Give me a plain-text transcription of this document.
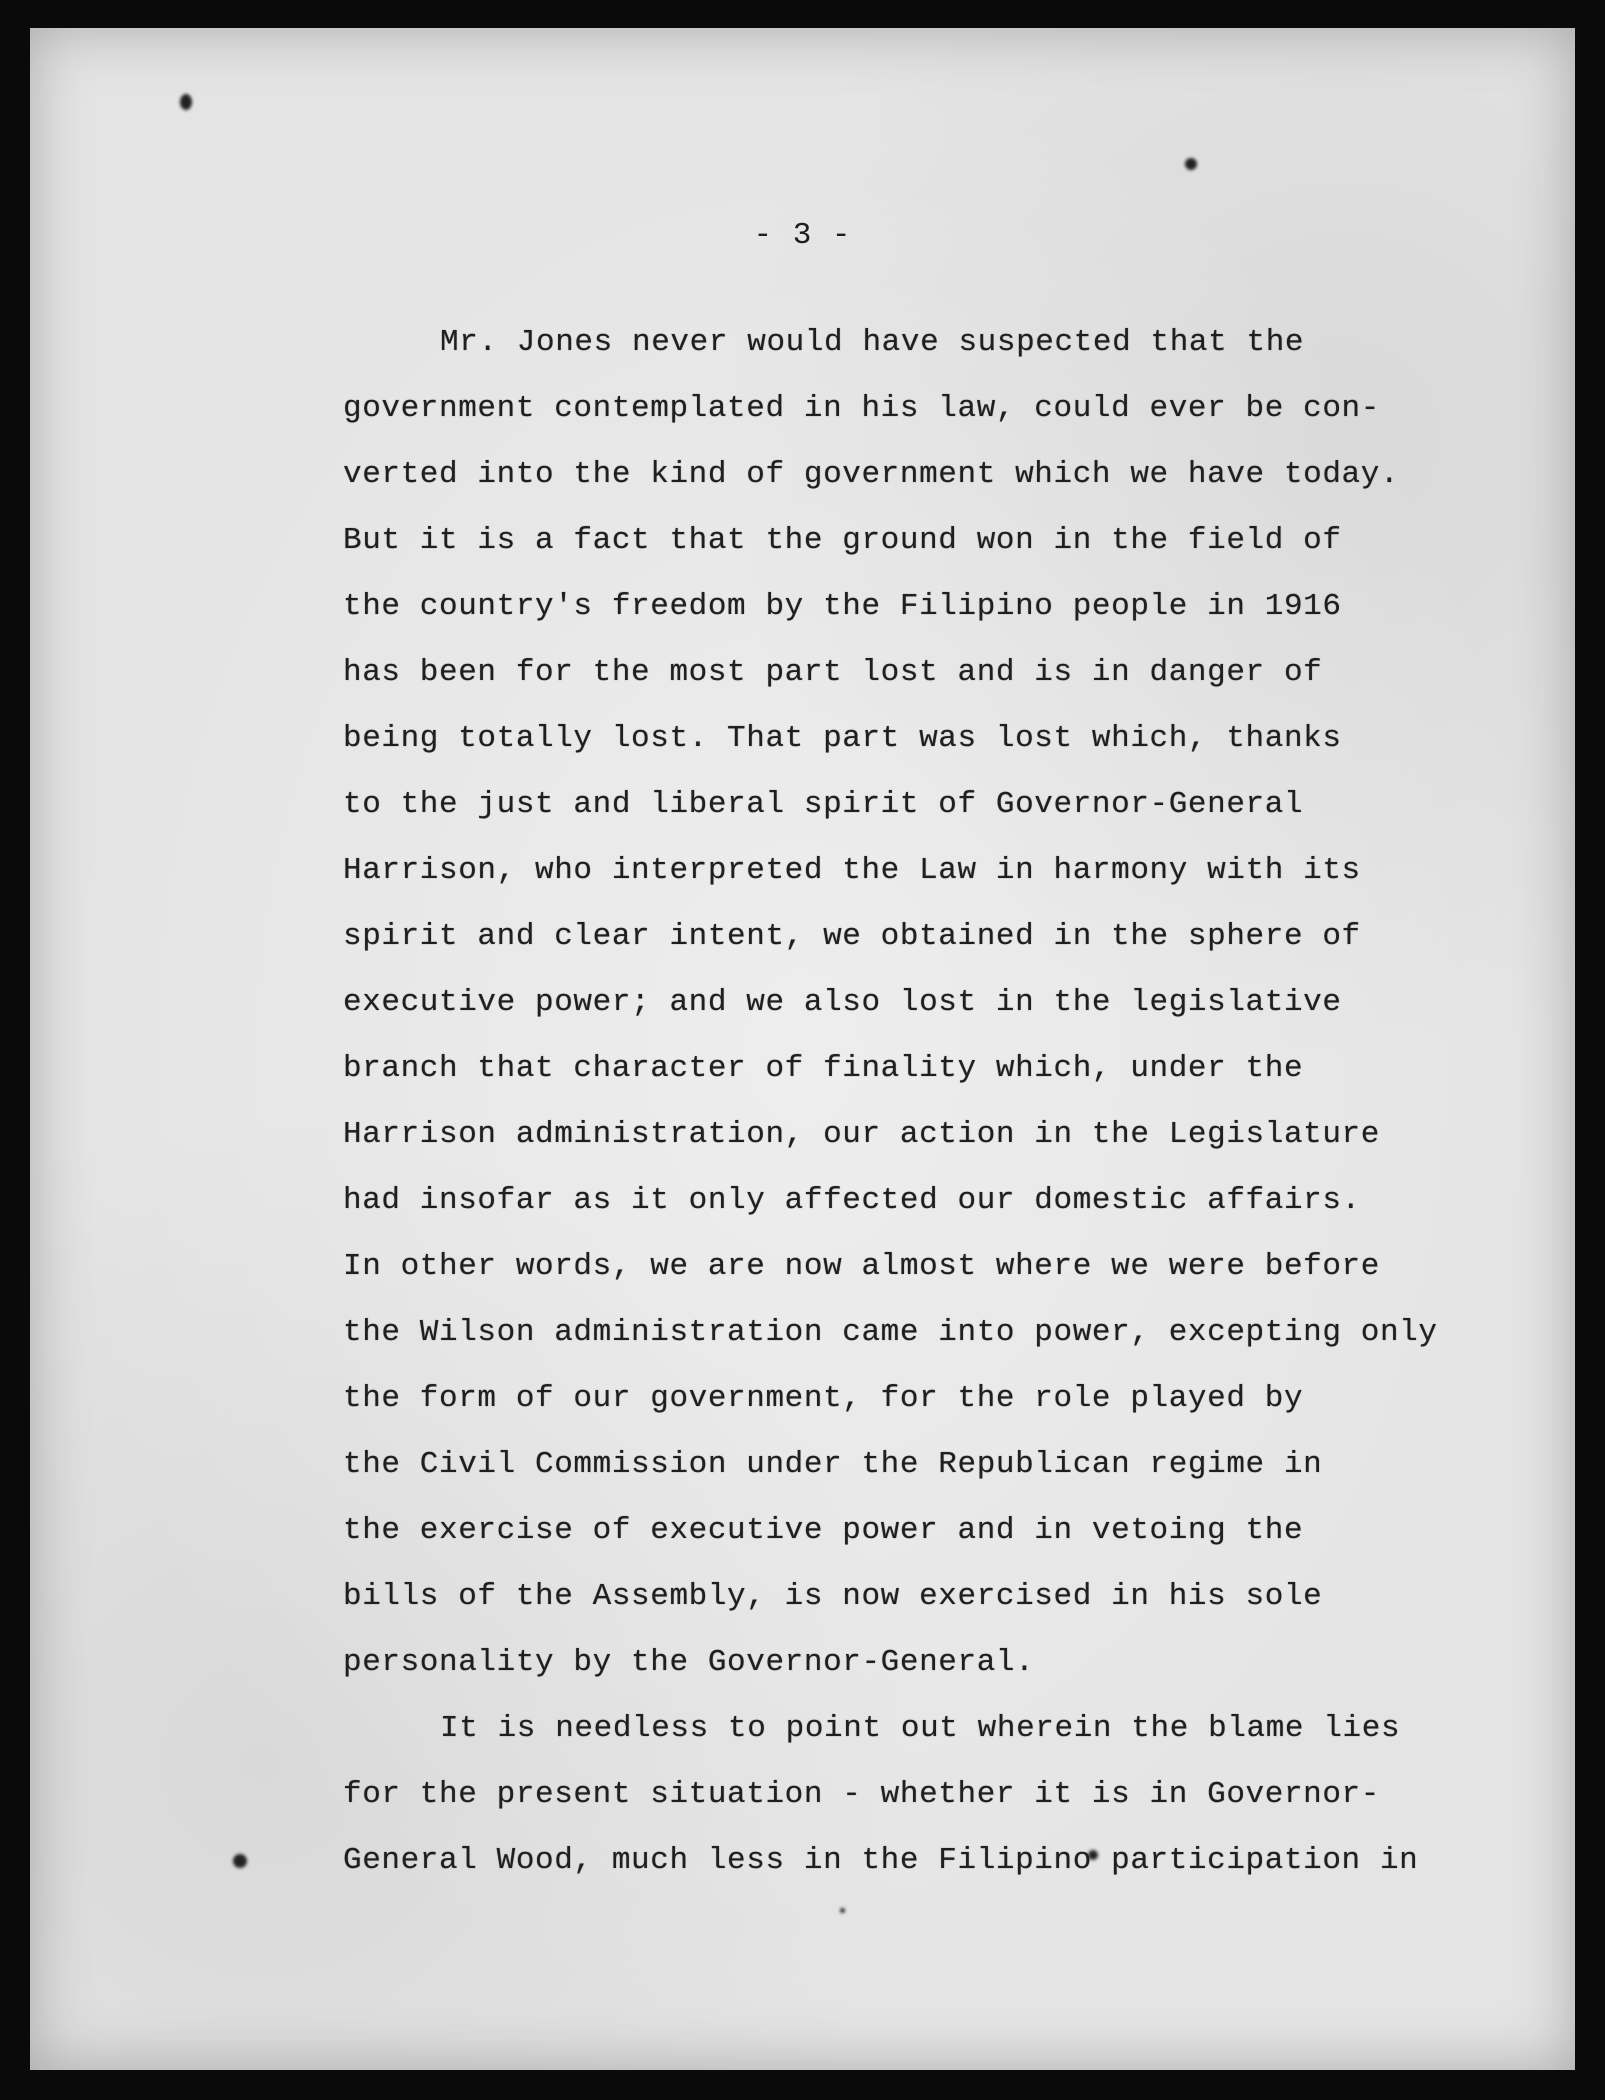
- 3 -
Mr. Jones never would have suspected that the
government contemplated in his law, could ever be con-
verted into the kind of government which we have today.
But it is a fact that the ground won in the field of
the country's freedom by the Filipino people in 1916
has been for the most part lost and is in danger of
being totally lost. That part was lost which, thanks
to the just and liberal spirit of Governor-General
Harrison, who interpreted the Law in harmony with its
spirit and clear intent, we obtained in the sphere of
executive power; and we also lost in the legislative
branch that character of finality which, under the
Harrison administration, our action in the Legislature
had insofar as it only affected our domestic affairs.
In other words, we are now almost where we were before
the Wilson administration came into power, excepting only
the form of our government, for the role played by
the Civil Commission under the Republican regime in
the exercise of executive power and in vetoing the
bills of the Assembly, is now exercised in his sole
personality by the Governor-General.
It is needless to point out wherein the blame lies
for the present situation - whether it is in Governor-
General Wood, much less in the Filipino participation in
